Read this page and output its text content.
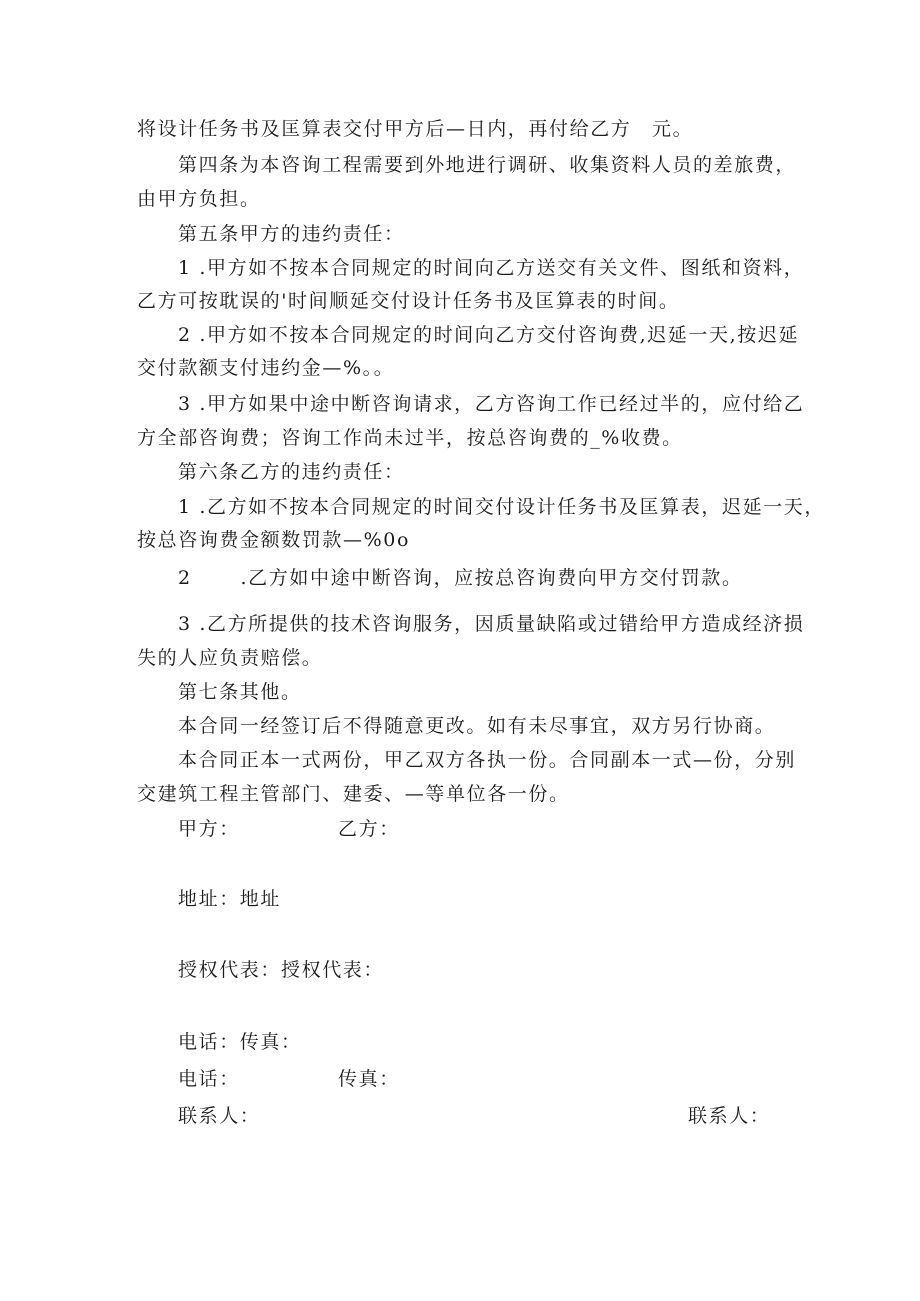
将设计任务书及匡算表交付甲方后—日内，再付给乙方　元。
第四条为本咨询工程需要到外地进行调研、收集资料人员的差旅费，
由甲方负担。
第五条甲方的违约责任：
1 .甲方如不按本合同规定的时间向乙方送交有关文件、图纸和资料，
乙方可按耽误的'时间顺延交付设计任务书及匡算表的时间。
2 .甲方如不按本合同规定的时间向乙方交付咨询费,迟延一天,按迟延
交付款额支付违约金—%。。
3 .甲方如果中途中断咨询请求，乙方咨询工作已经过半的，应付给乙
方全部咨询费；咨询工作尚未过半，按总咨询费的_%收费。
第六条乙方的违约责任：
1 .乙方如不按本合同规定的时间交付设计任务书及匡算表，迟延一天，
按总咨询费金额数罚款—%0o
2　　 .乙方如中途中断咨询，应按总咨询费向甲方交付罚款。
3 .乙方所提供的技术咨询服务，因质量缺陷或过错给甲方造成经济损
失的人应负责赔偿。
第七条其他。
本合同一经签订后不得随意更改。如有未尽事宜，双方另行协商。
本合同正本一式两份，甲乙双方各执一份。合同副本一式—份，分别
交建筑工程主管部门、建委、—等单位各一份。
甲方：	乙方：
地址：地址
授权代表：授权代表：
电话：传真：
电话：	传真：
联系人：	联系人：
